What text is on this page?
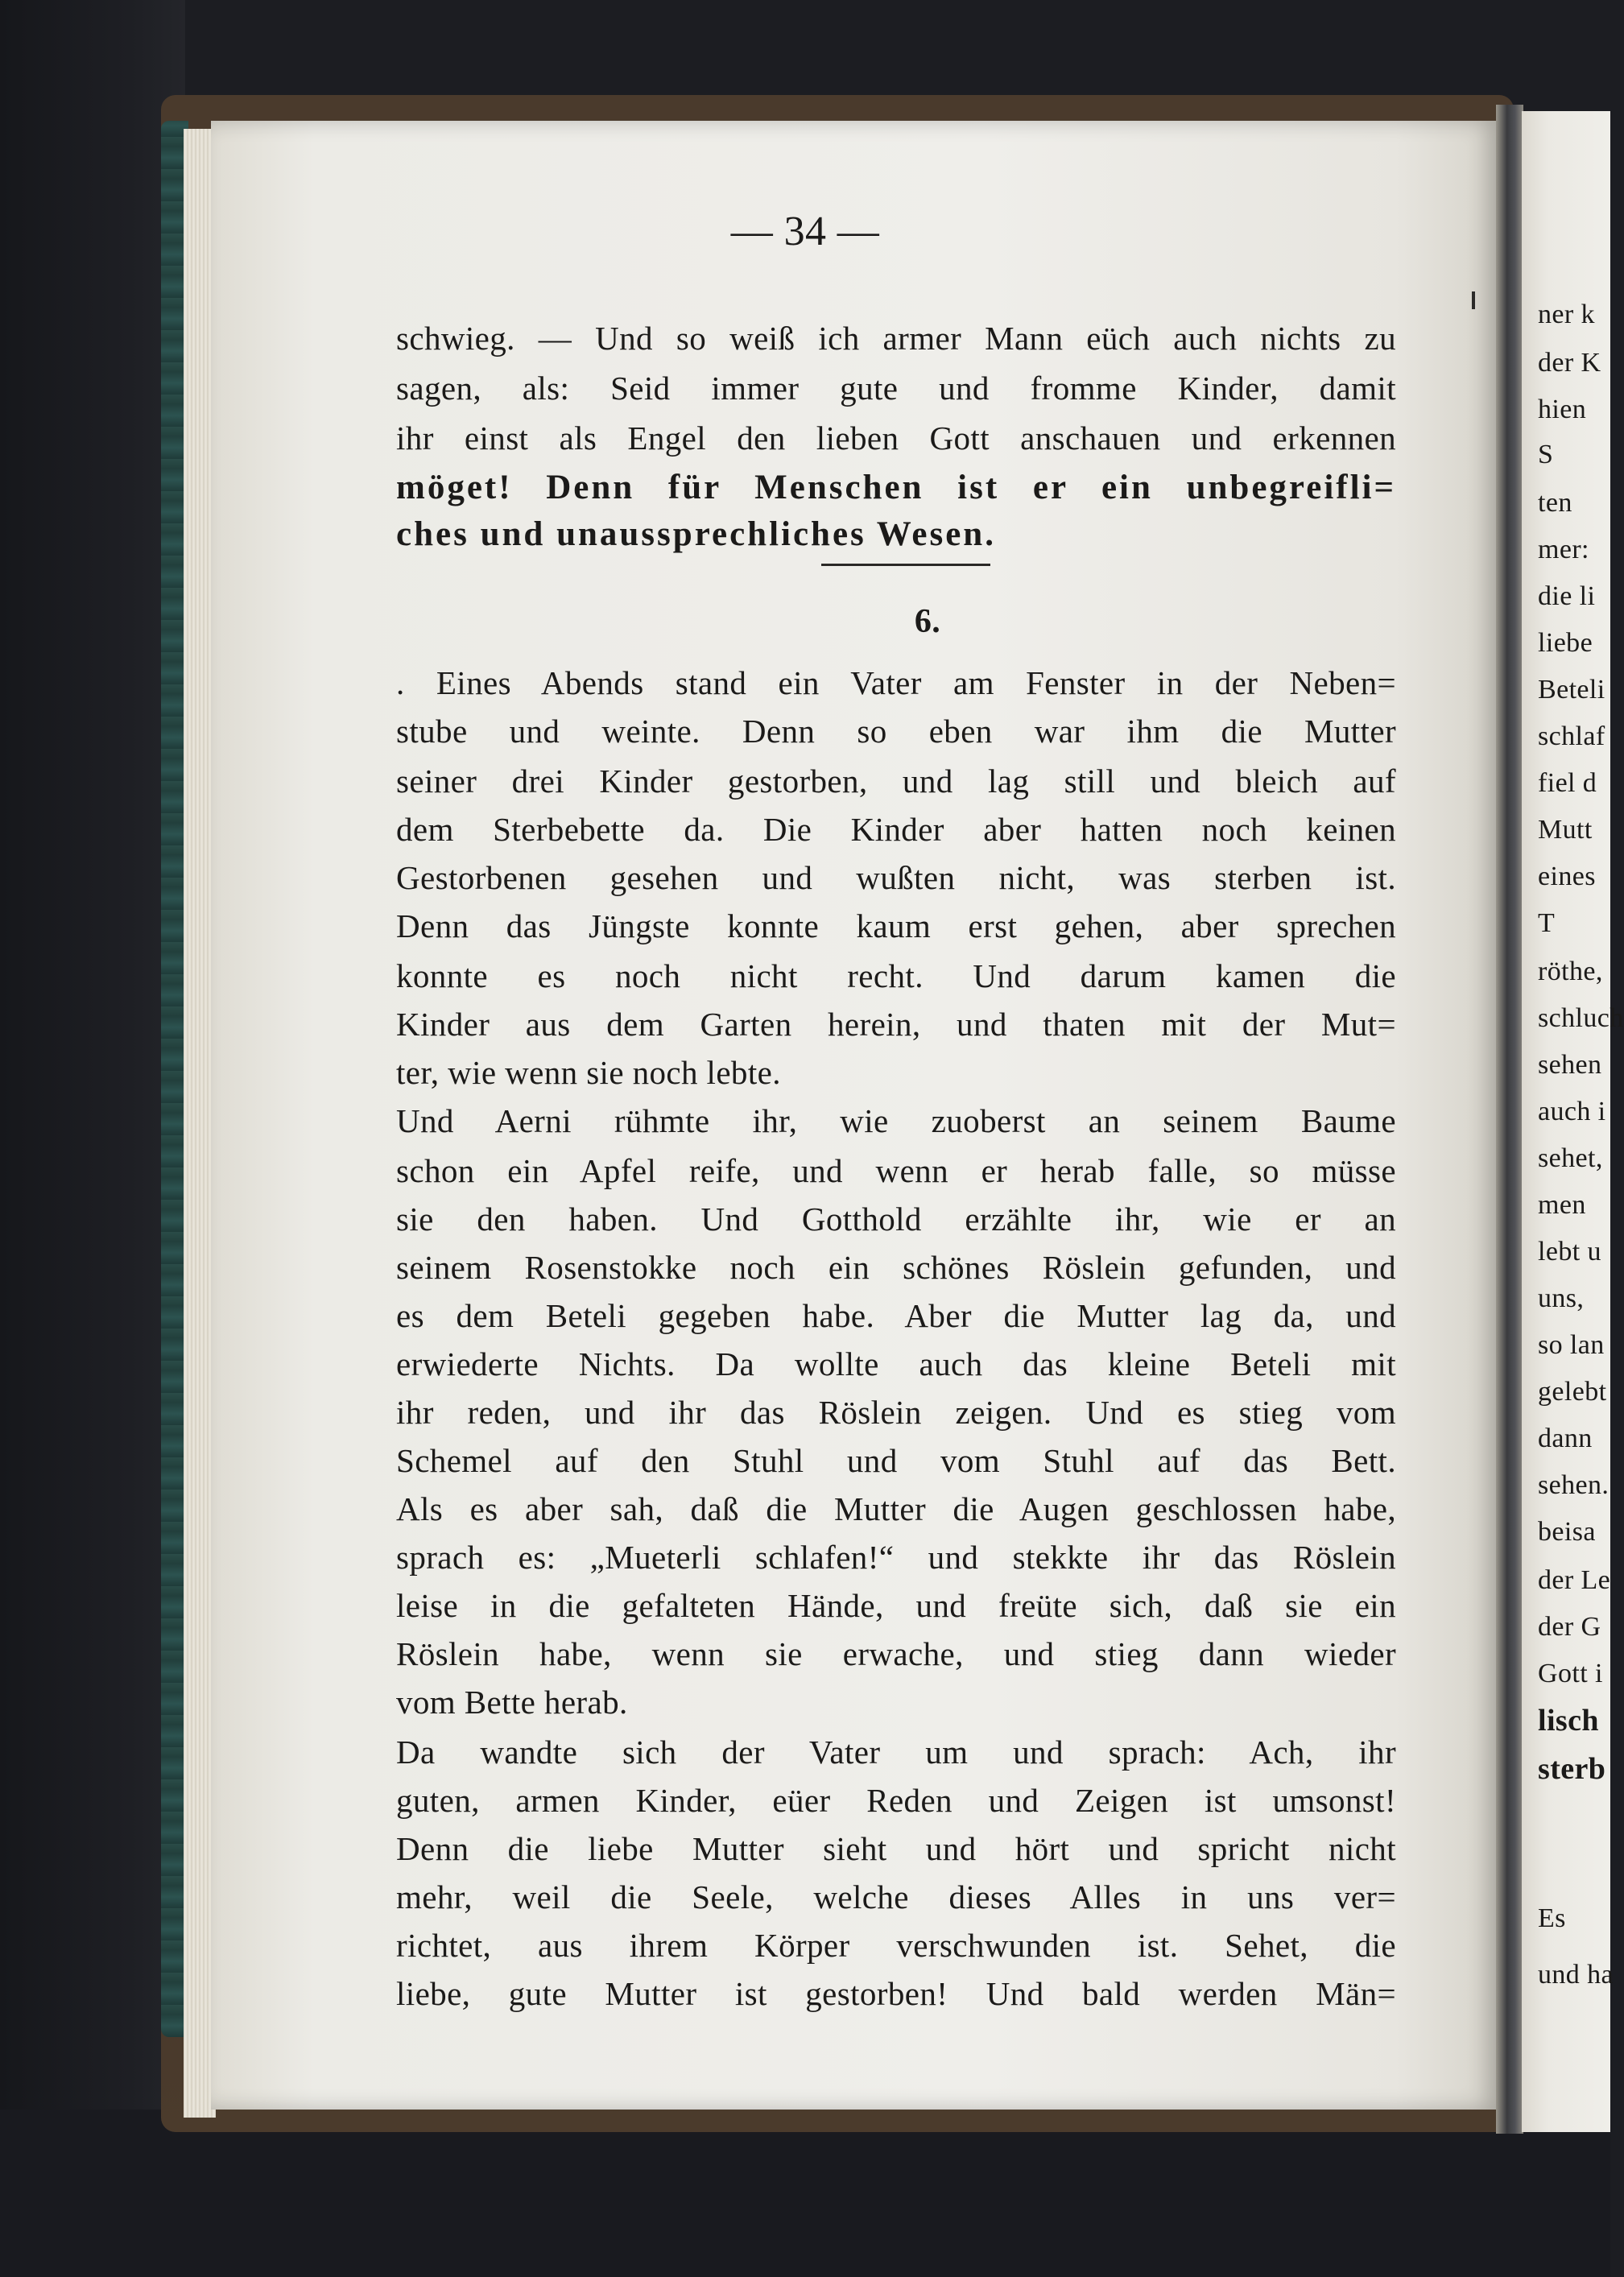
— 34 —
schwieg. — Und so weiß ich armer Mann eüch auch nichts zu
sagen, als: Seid immer gute und fromme Kinder, damit
ihr einst als Engel den lieben Gott anschauen und erkennen
möget! Denn für Menschen ist er ein unbegreifli=
ches und unaussprechliches Wesen.
. Eines Abends stand ein Vater am Fenster in der Neben=
stube und weinte. Denn so eben war ihm die Mutter
seiner drei Kinder gestorben, und lag still und bleich auf
dem Sterbebette da. Die Kinder aber hatten noch keinen
Gestorbenen gesehen und wußten nicht, was sterben ist.
Denn das Jüngste konnte kaum erst gehen, aber sprechen
konnte es noch nicht recht. Und darum kamen die
Kinder aus dem Garten herein, und thaten mit der Mut=
ter, wie wenn sie noch lebte.
Und Aerni rühmte ihr, wie zuoberst an seinem Baume
schon ein Apfel reife, und wenn er herab falle, so müsse
sie den haben. Und Gotthold erzählte ihr, wie er an
seinem Rosenstokke noch ein schönes Röslein gefunden, und
es dem Beteli gegeben habe. Aber die Mutter lag da, und
erwiederte Nichts. Da wollte auch das kleine Beteli mit
ihr reden, und ihr das Röslein zeigen. Und es stieg vom
Schemel auf den Stuhl und vom Stuhl auf das Bett.
Als es aber sah, daß die Mutter die Augen geschlossen habe,
sprach es: „Mueterli schlafen!“ und stekkte ihr das Röslein
leise in die gefalteten Hände, und freüte sich, daß sie ein
Röslein habe, wenn sie erwache, und stieg dann wieder
vom Bette herab.
Da wandte sich der Vater um und sprach: Ach, ihr
guten, armen Kinder, eüer Reden und Zeigen ist umsonst!
Denn die liebe Mutter sieht und hört und spricht nicht
mehr, weil die Seele, welche dieses Alles in uns ver=
richtet, aus ihrem Körper verschwunden ist. Sehet, die
liebe, gute Mutter ist gestorben! Und bald werden Män=
6.
ner k
der K
hien
S
ten
mer:
die li
liebe
Beteli
schlaf
fiel d
Mutt
eines
T
röthe,
schluch
sehen
auch i
sehet,
men
lebt u
uns,
so lan
gelebt
dann
sehen.
beisa
der Le
der G
Gott i
lisch
sterb
Es
und ha
